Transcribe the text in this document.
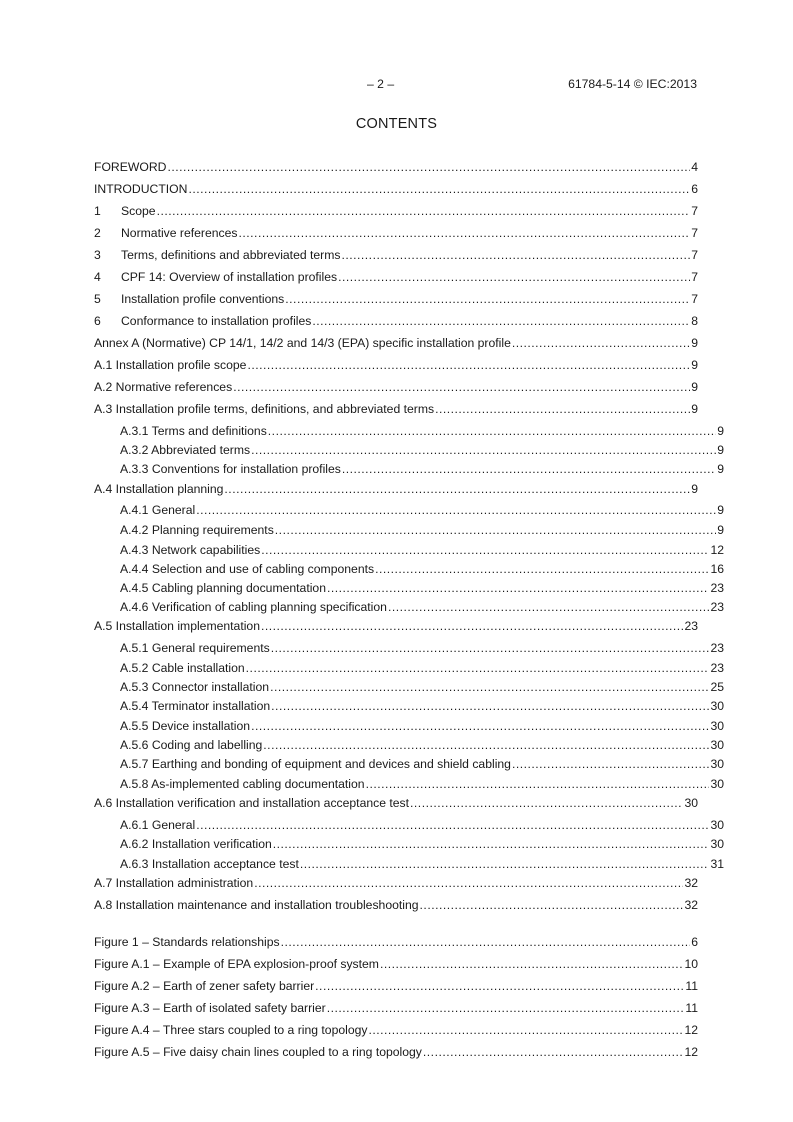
– 2 –	61784-5-14 © IEC:2013
CONTENTS
FOREWORD .....	4
INTRODUCTION .....	6
1	Scope .....	7
2	Normative references .....	7
3	Terms, definitions and abbreviated terms .....	7
4	CPF 14: Overview of installation profiles .....	7
5	Installation profile conventions .....	7
6	Conformance to installation profiles .....	8
Annex A (Normative) CP 14/1, 14/2 and 14/3 (EPA) specific installation profile .....	9
A.1 Installation profile scope .....	9
A.2 Normative references .....	9
A.3 Installation profile terms, definitions, and abbreviated terms .....	9
A.3.1 Terms and definitions .....	9
A.3.2 Abbreviated terms .....	9
A.3.3 Conventions for installation profiles .....	9
A.4 Installation planning .....	9
A.4.1 General .....	9
A.4.2 Planning requirements .....	9
A.4.3 Network capabilities .....	12
A.4.4 Selection and use of cabling components .....	16
A.4.5 Cabling planning documentation .....	23
A.4.6 Verification of cabling planning specification .....	23
A.5 Installation implementation .....	23
A.5.1 General requirements .....	23
A.5.2 Cable installation .....	23
A.5.3 Connector installation .....	25
A.5.4 Terminator installation .....	30
A.5.5 Device installation .....	30
A.5.6 Coding and labelling .....	30
A.5.7 Earthing and bonding of equipment and devices and shield cabling .....	30
A.5.8 As-implemented cabling documentation .....	30
A.6 Installation verification and installation acceptance test .....	30
A.6.1 General .....	30
A.6.2 Installation verification .....	30
A.6.3 Installation acceptance test .....	31
A.7 Installation administration .....	32
A.8 Installation maintenance and installation troubleshooting .....	32
Figure 1 – Standards relationships .....	6
Figure A.1 – Example of EPA explosion-proof system .....	10
Figure A.2 – Earth of zener safety barrier .....	11
Figure A.3 – Earth of isolated safety barrier .....	11
Figure A.4 – Three stars coupled to a ring topology .....	12
Figure A.5 – Five daisy chain lines coupled to a ring topology .....	12
